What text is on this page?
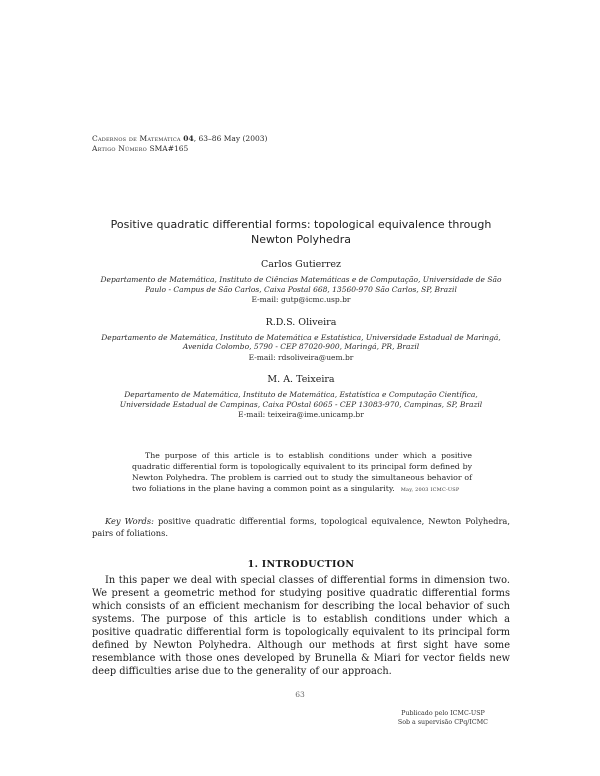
Cadernos de Matemática 04, 63–86 May (2003)
Artigo Número SMA#165
Positive quadratic differential forms: topological equivalence through Newton Polyhedra
Carlos Gutierrez
Departamento de Matemática, Instituto de Ciências Matemáticas e de Computação, Universidade de São Paulo - Campus de São Carlos, Caixa Postal 668, 13560-970 São Carlos, SP, Brazil
E-mail: gutp@icmc.usp.br
R.D.S. Oliveira
Departamento de Matemática, Instituto de Matemática e Estatística, Universidade Estadual de Maringá, Avenida Colombo, 5790 - CEP 87020-900, Maringá, PR, Brazil
E-mail: rdsoliveira@uem.br
M. A. Teixeira
Departamento de Matemática, Instituto de Matemática, Estatística e Computação Científica, Universidade Estadual de Campinas, Caixa POstal 6065 - CEP 13083-970, Campinas, SP, Brazil
E-mail: teixeira@ime.unicamp.br

The purpose of this article is to establish conditions under which a positive quadratic differential form is topologically equivalent to its principal form defined by Newton Polyhedra. The problem is carried out to study the simultaneous behavior of two foliations in the plane having a common point as a singularity. May, 2003 ICMC-USP

Key Words: positive quadratic differential forms, topological equivalence, Newton Polyhedra, pairs of foliations.

1. INTRODUCTION

In this paper we deal with special classes of differential forms in dimension two. We present a geometric method for studying positive quadratic differential forms which consists of an efficient mechanism for describing the local behavior of such systems. The purpose of this article is to establish conditions under which a positive quadratic differential form is topologically equivalent to its principal form defined by Newton Polyhedra. Although our methods at first sight have some resemblance with those ones developed by Brunella & Miari for vector fields new deep difficulties arise due to the generality of our approach.

63
Publicado pelo ICMC-USP
Sob a supervisão CPq/ICMC
